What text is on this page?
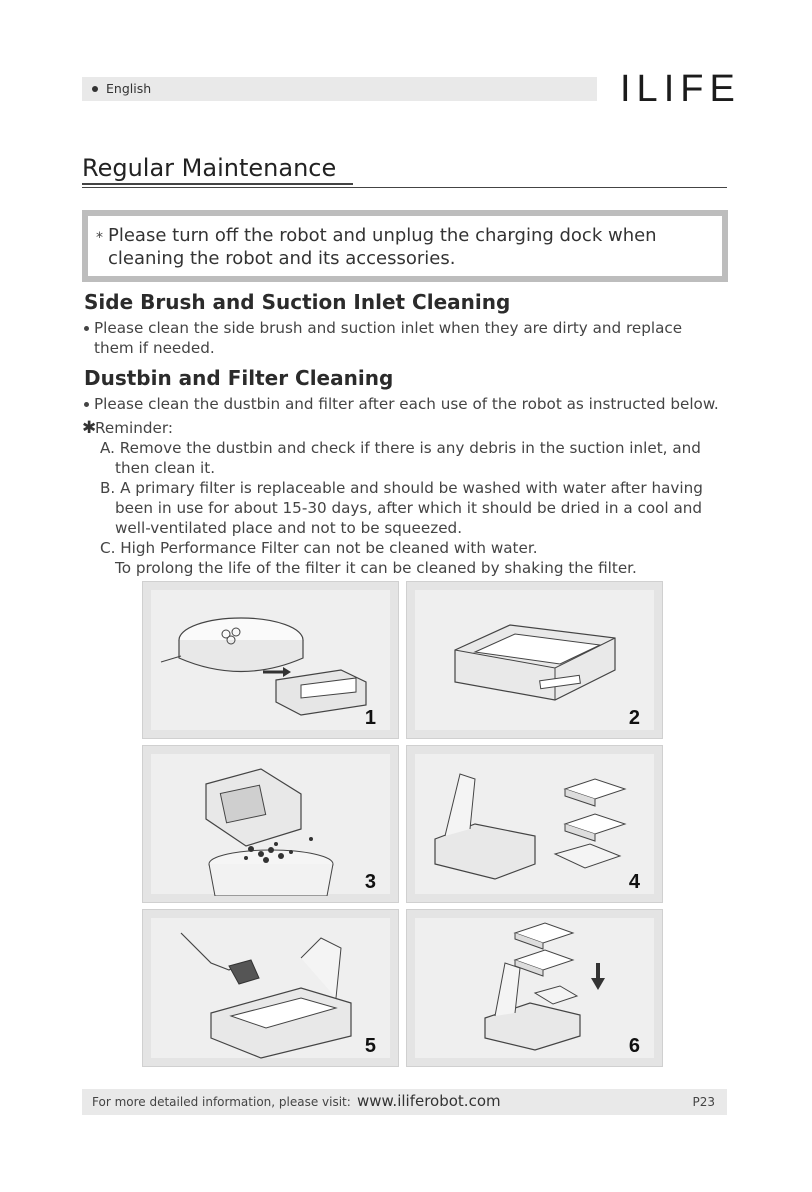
English	ILIFE
Regular Maintenance
* Please turn off the robot and unplug the charging dock when
cleaning the robot and its accessories.
Side Brush and Suction Inlet Cleaning
Please clean the side brush and suction inlet when they are dirty and replace
them if needed.
Dustbin and Filter Cleaning
Please clean the dustbin and filter after each use of the robot as instructed below.
✱
Reminder:
A. Remove the dustbin and check if there is any debris in the suction inlet, and
then clean it.
B. A primary filter is replaceable and should be washed with water after having
been in use for about 15-30 days, after which it should be dried in a cool and
well-ventilated place and not to be squeezed.
C. High Performance Filter can not be cleaned with water.
To prolong the life of the filter it can be cleaned by shaking the filter.
1	2
3	4
5	6
For more detailed information, please visit: www.iliferobot.com	P23
